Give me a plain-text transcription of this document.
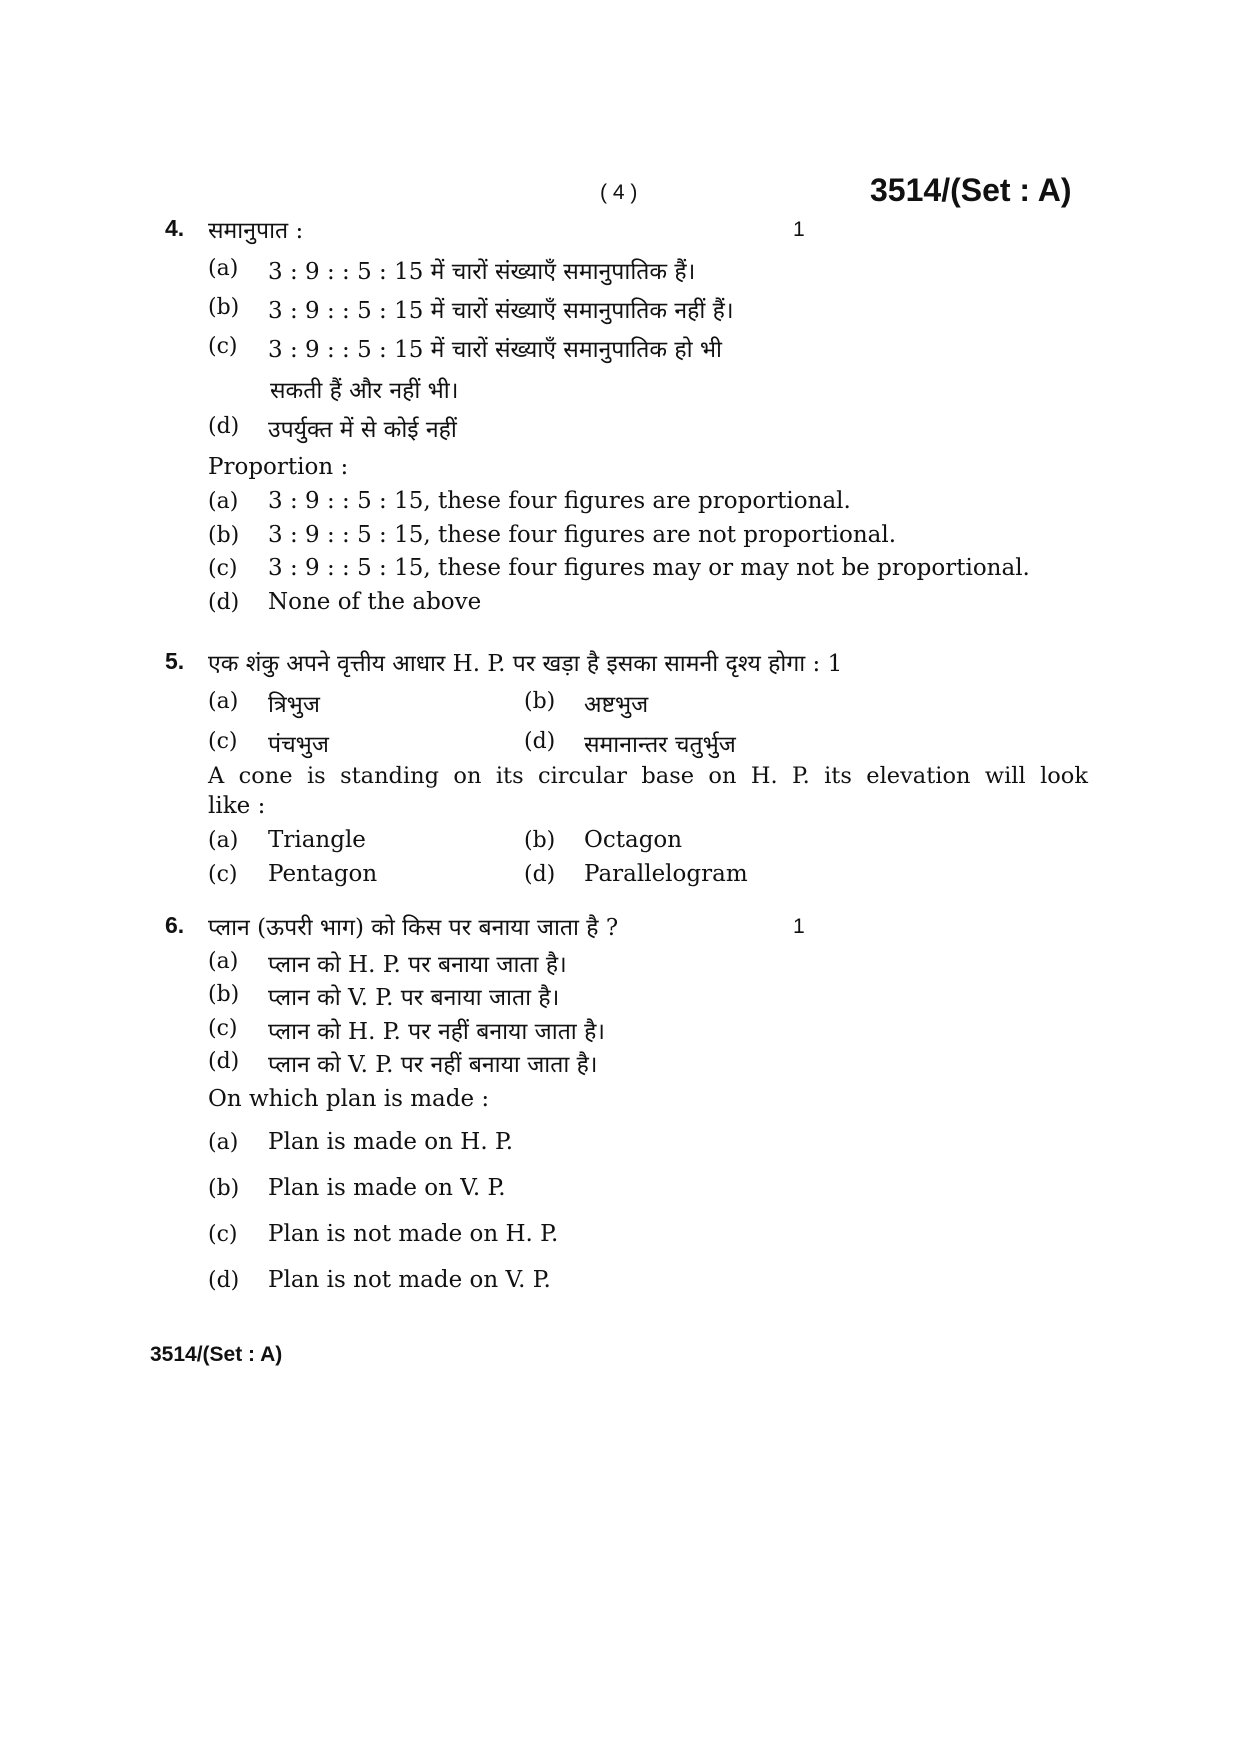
( 4 )	3514/(Set : A)
4. समानुपात :	1
(a) 3 : 9 : : 5 : 15 में चारों संख्याएँ समानुपातिक हैं।
(b) 3 : 9 : : 5 : 15 में चारों संख्याएँ समानुपातिक नहीं हैं।
(c) 3 : 9 : : 5 : 15 में चारों संख्याएँ समानुपातिक हो भी
सकती हैं और नहीं भी।
(d) उपर्युक्त में से कोई नहीं
Proportion :
(a) 3 : 9 : : 5 : 15, these four figures are proportional.
(b) 3 : 9 : : 5 : 15, these four figures are not proportional.
(c) 3 : 9 : : 5 : 15, these four figures may or may not be proportional.
(d) None of the above
5. एक शंकु अपने वृत्तीय आधार H. P. पर खड़ा है इसका सामनी दृश्य होगा : 1
(a) त्रिभुज	(b) अष्टभुज
(c) पंचभुज	(d) समानान्तर चतुर्भुज
A cone is standing on its circular base on H. P. its elevation will look
like :
(a) Triangle	(b) Octagon
(c) Pentagon	(d) Parallelogram
6. प्लान (ऊपरी भाग) को किस पर बनाया जाता है ?	1
(a) प्लान को H. P. पर बनाया जाता है।
(b) प्लान को V. P. पर बनाया जाता है।
(c) प्लान को H. P. पर नहीं बनाया जाता है।
(d) प्लान को V. P. पर नहीं बनाया जाता है।
On which plan is made :
(a) Plan is made on H. P.
(b) Plan is made on V. P.
(c) Plan is not made on H. P.
(d) Plan is not made on V. P.
3514/(Set : A)
